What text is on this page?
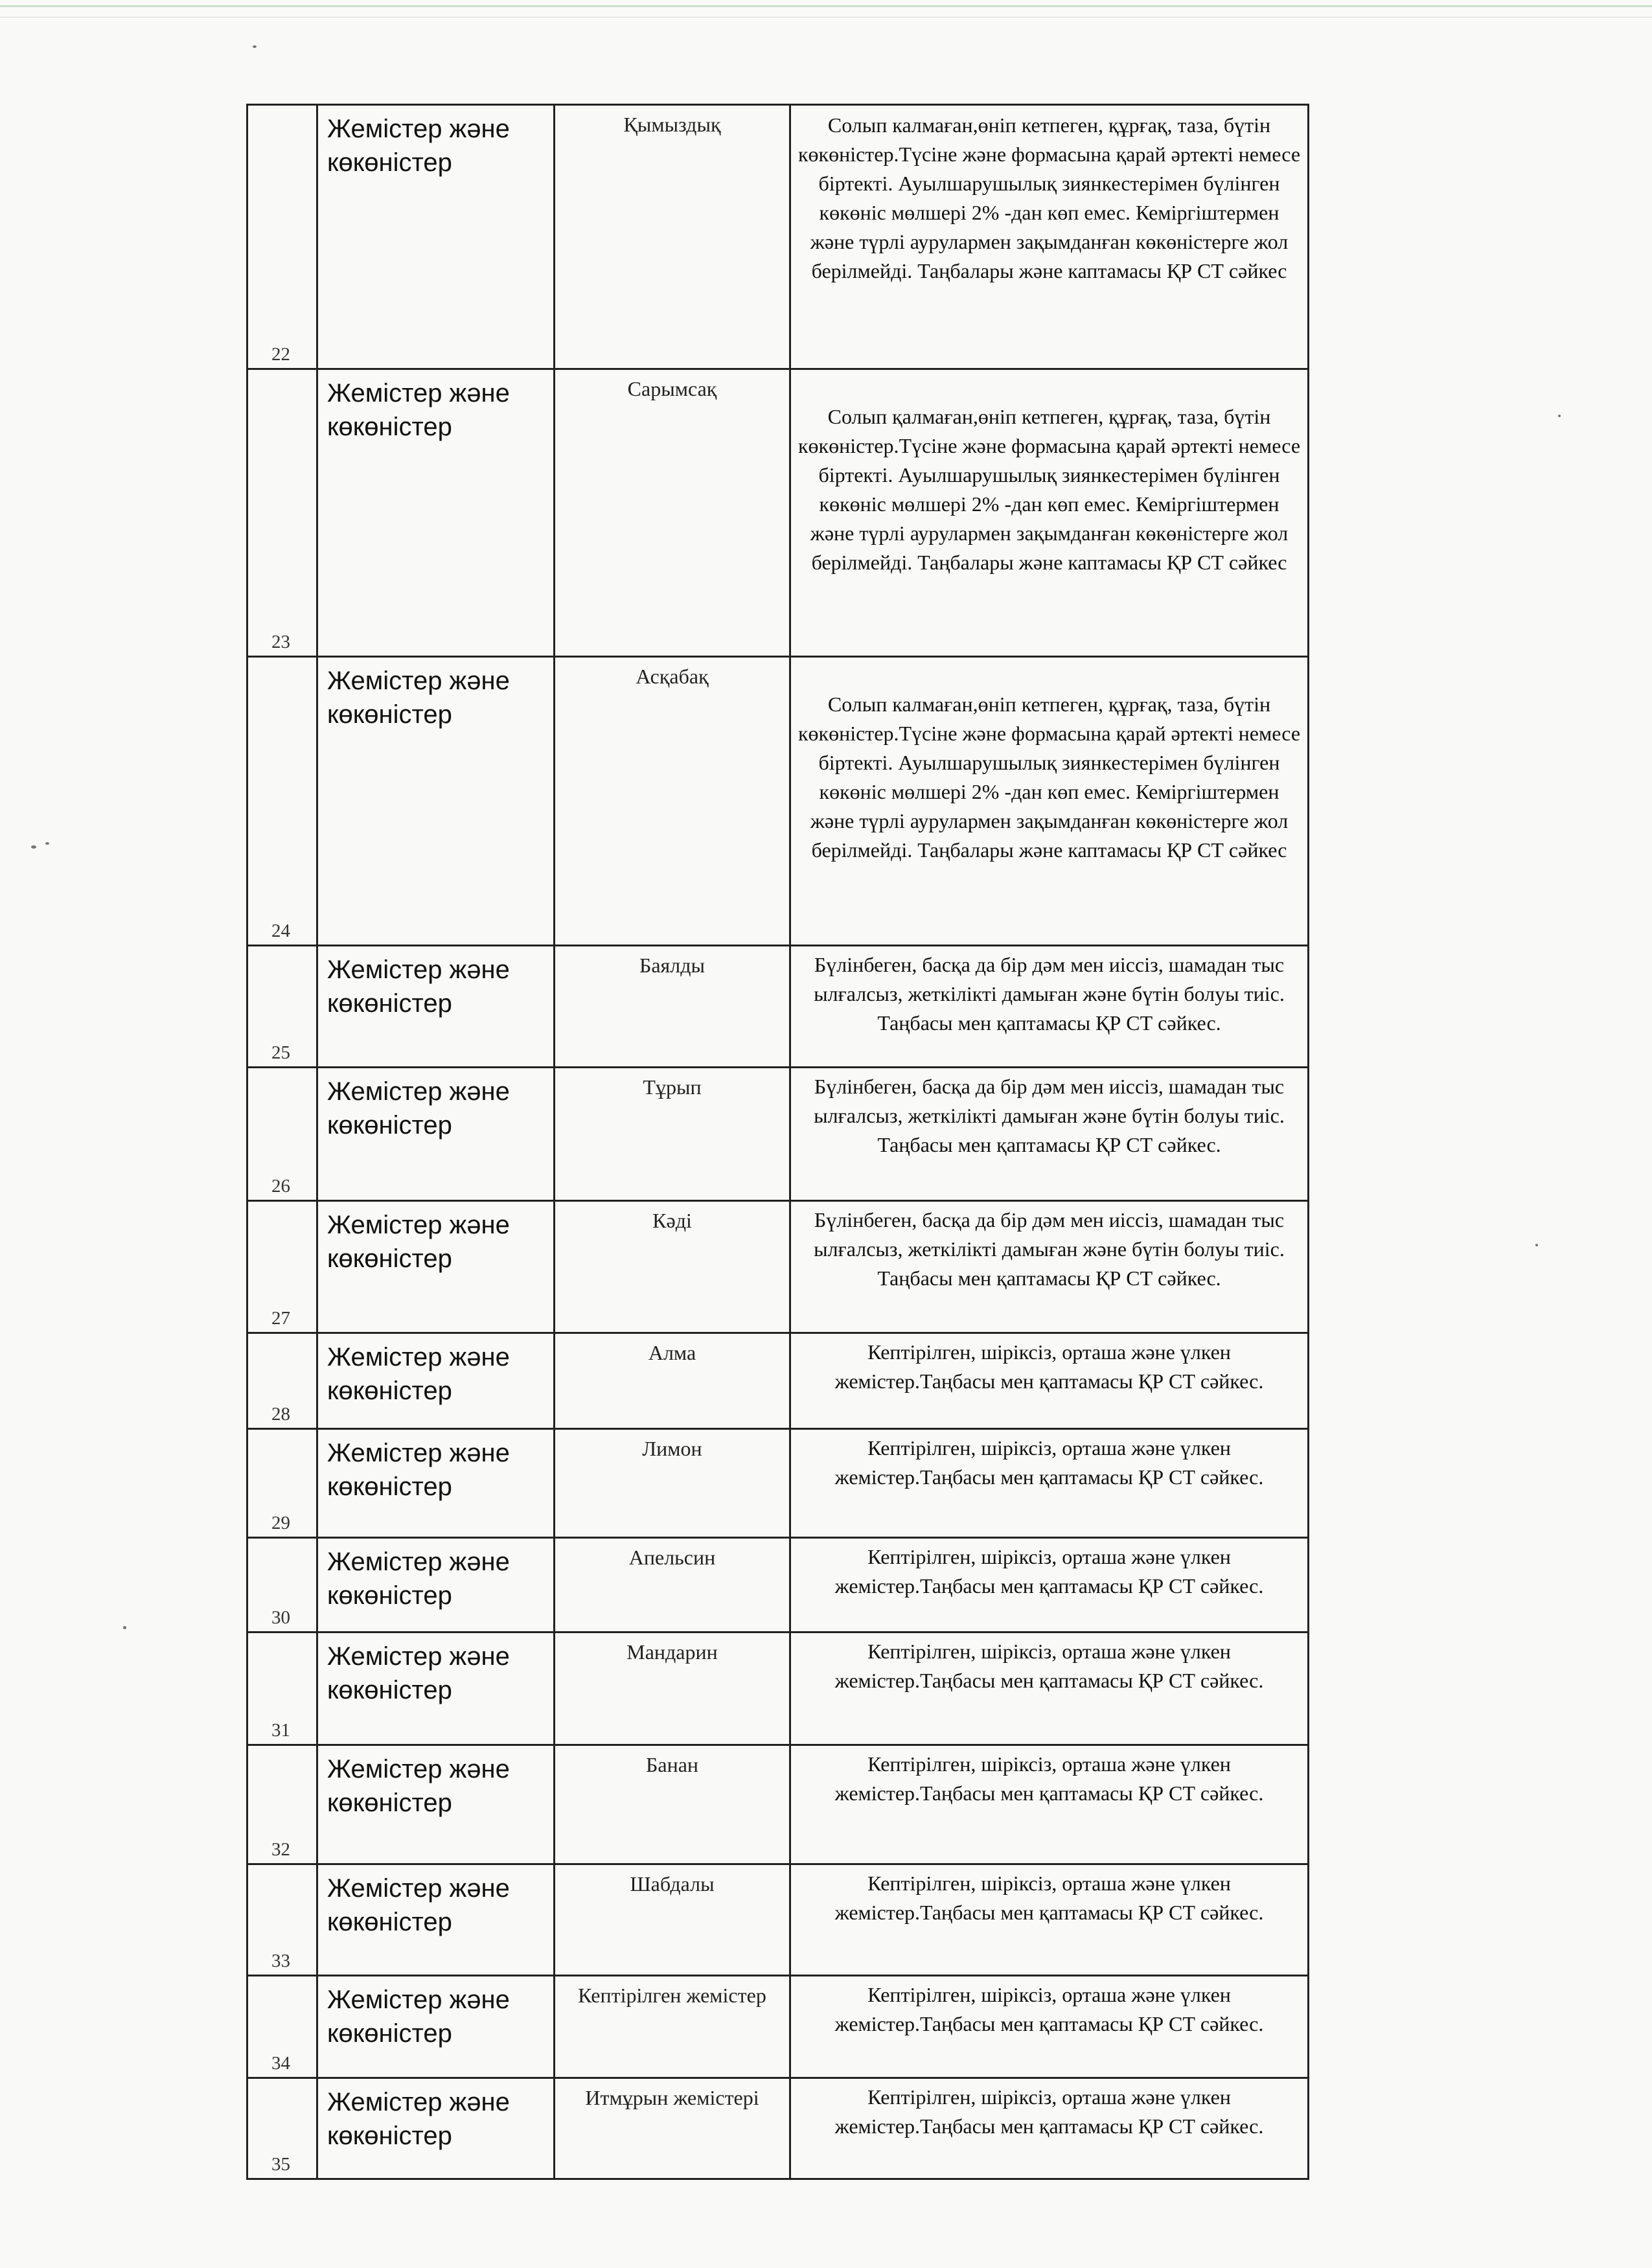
22	Жемістер және көкөністер	Қымыздық	Солып калмаған,өніп кетпеген, құрғақ, таза, бүтін көкөністер.Түсіне және формасына қарай әртекті немесе біртекті. Ауылшарушылық зиянкестерімен бүлінген көкөніс мөлшері 2% -дан көп емес. Кеміргіштермен және түрлі аурулармен зақымданған көкөністерге жол берілмейді. Таңбалары және каптамасы ҚР СТ сәйкес

23	Жемістер және көкөністер	Сарымсақ	Солып қалмаған,өніп кетпеген, құрғақ, таза, бүтін көкөністер.Түсіне және формасына қарай әртекті немесе біртекті. Ауылшарушылық зиянкестерімен бүлінген көкөніс мөлшері 2% -дан көп емес. Кеміргіштермен және түрлі аурулармен зақымданған көкөністерге жол берілмейді. Таңбалары және каптамасы ҚР СТ сәйкес

24	Жемістер және көкөністер	Асқабақ	Солып калмаған,өніп кетпеген, құрғақ, таза, бүтін көкөністер.Түсіне және формасына қарай әртекті немесе біртекті. Ауылшарушылық зиянкестерімен бүлінген көкөніс мөлшері 2% -дан көп емес. Кеміргіштермен және түрлі аурулармен зақымданған көкөністерге жол берілмейді. Таңбалары және каптамасы ҚР СТ сәйкес

25	Жемістер және көкөністер	Баялды	Бүлінбеген, басқа да бір дәм мен иіссіз, шамадан тыс ылғалсыз, жеткілікті дамыған және бүтін болуы тиіс. Таңбасы мен қаптамасы ҚР СТ сәйкес.

26	Жемістер және көкөністер	Тұрып	Бүлінбеген, басқа да бір дәм мен иіссіз, шамадан тыс ылғалсыз, жеткілікті дамыған және бүтін болуы тиіс. Таңбасы мен қаптамасы ҚР СТ сәйкес.

27	Жемістер және көкөністер	Кәді	Бүлінбеген, басқа да бір дәм мен иіссіз, шамадан тыс ылғалсыз, жеткілікті дамыған және бүтін болуы тиіс. Таңбасы мен қаптамасы ҚР СТ сәйкес.

28	Жемістер және көкөністер	Алма	Кептірілген, шіріксіз, орташа және үлкен жемістер.Таңбасы мен қаптамасы ҚР СТ сәйкес.

29	Жемістер және көкөністер	Лимон	Кептірілген, шіріксіз, орташа және үлкен жемістер.Таңбасы мен қаптамасы ҚР СТ сәйкес.

30	Жемістер және көкөністер	Апельсин	Кептірілген, шіріксіз, орташа және үлкен жемістер.Таңбасы мен қаптамасы ҚР СТ сәйкес.

31	Жемістер және көкөністер	Мандарин	Кептірілген, шіріксіз, орташа және үлкен жемістер.Таңбасы мен қаптамасы ҚР СТ сәйкес.

32	Жемістер және көкөністер	Банан	Кептірілген, шіріксіз, орташа және үлкен жемістер.Таңбасы мен қаптамасы ҚР СТ сәйкес.

33	Жемістер және көкөністер	Шабдалы	Кептірілген, шіріксіз, орташа және үлкен жемістер.Таңбасы мен қаптамасы ҚР СТ сәйкес.

34	Жемістер және көкөністер	Кептірілген жемістер	Кептірілген, шіріксіз, орташа және үлкен жемістер.Таңбасы мен қаптамасы ҚР СТ сәйкес.

35	Жемістер және көкөністер	Итмұрын жемістері	Кептірілген, шіріксіз, орташа және үлкен жемістер.Таңбасы мен қаптамасы ҚР СТ сәйкес.
